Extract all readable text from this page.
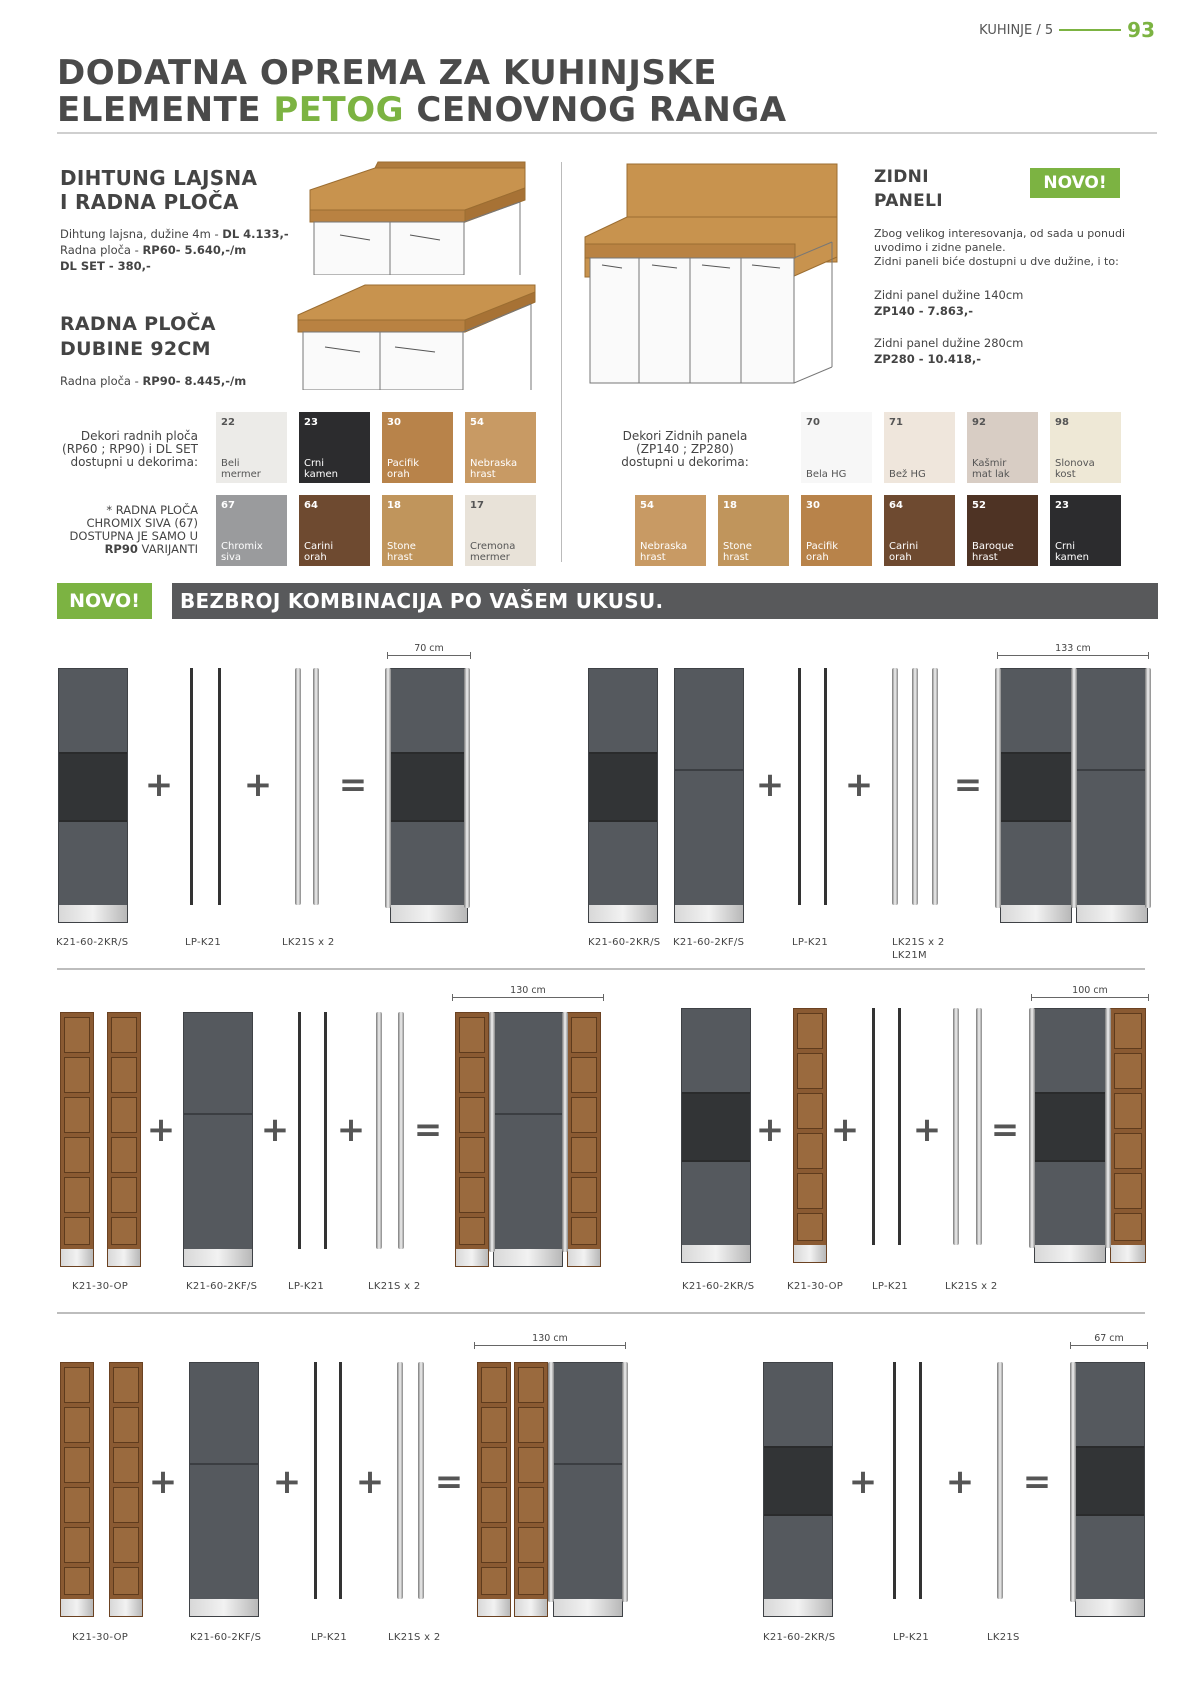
KUHINJE / 5	93
DODATNA OPREMA ZA KUHINJSKE
ELEMENTE PETOG CENOVNOG RANGA
DIHTUNG LAJSNA
I RADNA PLOČA
Dihtung lajsna, dužine 4m - DL 4.133,-
Radna ploča - RP60- 5.640,-/m
DL SET - 380,-
RADNA PLOČA
DUBINE 92CM
Radna ploča - RP90- 8.445,-/m
ZIDNI
PANELI
NOVO!
Zbog velikog interesovanja, od sada u ponudi
uvodimo i zidne panele.
Zidni paneli biće dostupni u dve dužine, i to:
Zidni panel dužine 140cm
ZP140 - 7.863,-
Zidni panel dužine 280cm
ZP280 - 10.418,-
Dekori radnih ploča
(RP60 ; RP90) i DL SET
dostupni u dekorima:
* RADNA PLOČA
CHROMIX SIVA (67)
DOSTUPNA JE SAMO U
RP90 VARIJANTI
22
Beli
mermer
23
Crni
kamen
30
Pacifik
orah
54
Nebraska
hrast
67
Chromix
siva
64
Carini
orah
18
Stone
hrast
17
Cremona
mermer
Dekori Zidnih panela
(ZP140 ; ZP280)
dostupni u dekorima:
70
Bela HG
71
Bež HG
92
Kašmir
mat lak
98
Slonova
kost
54
Nebraska
hrast
18
Stone
hrast
30
Pacifik
orah
64
Carini
orah
52
Baroque
hrast
23
Crni
kamen
NOVO!	BEZBROJ KOMBINACIJA PO VAŠEM UKUSU.
+ + =
70 cm
K21-60-2KR/S	LP-K21	LK21S x 2
+ + =
133 cm
K21-60-2KR/S K21-60-2KF/S	LP-K21	LK21S x 2
LK21M
+	+ + =
130 cm
K21-30-OP	K21-60-2KF/S	LP-K21	LK21S x 2
+ + + =
100 cm
K21-60-2KR/S	K21-30-OP	LP-K21	LK21S x 2
+	+ + =
130 cm
K21-30-OP	K21-60-2KF/S	LP-K21	LK21S x 2
+ + =
67 cm
K21-60-2KR/S	LP-K21	LK21S
